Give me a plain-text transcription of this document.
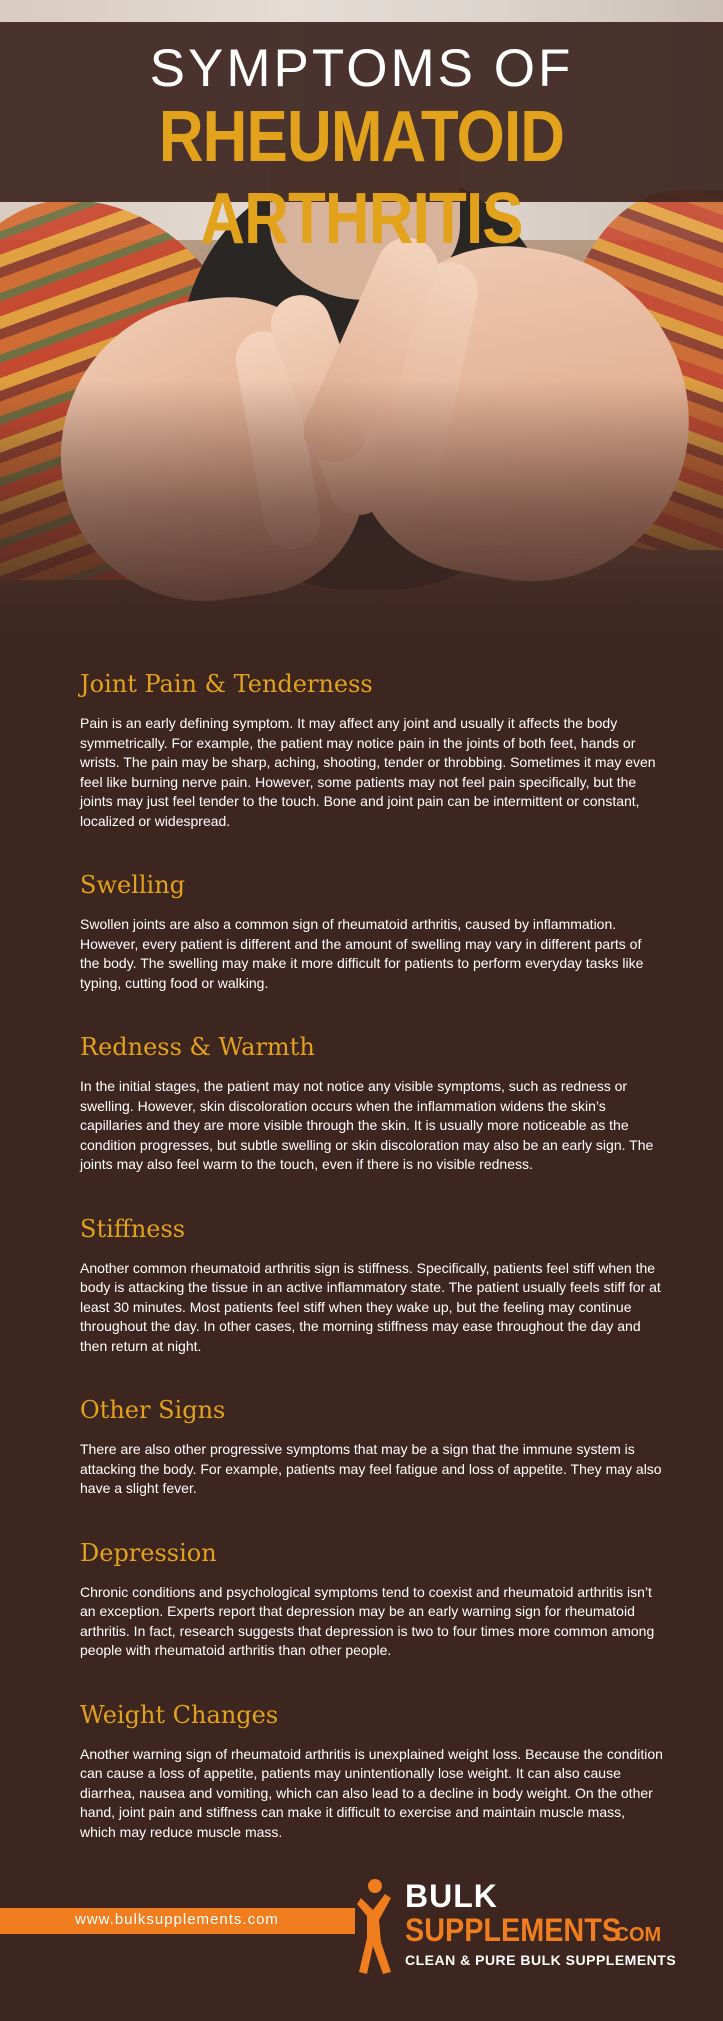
SYMPTOMS OF
RHEUMATOID ARTHRITIS
Joint Pain & Tenderness

Pain is an early defining symptom. It may affect any joint and usually it affects the body symmetrically. For example, the patient may notice pain in the joints of both feet, hands or wrists. The pain may be sharp, aching, shooting, tender or throbbing. Sometimes it may even feel like burning nerve pain. However, some patients may not feel pain specifically, but the joints may just feel tender to the touch. Bone and joint pain can be intermittent or constant, localized or widespread.

Swelling

Swollen joints are also a common sign of rheumatoid arthritis, caused by inflammation. However, every patient is different and the amount of swelling may vary in different parts of the body. The swelling may make it more difficult for patients to perform everyday tasks like typing, cutting food or walking.

Redness & Warmth

In the initial stages, the patient may not notice any visible symptoms, such as redness or swelling. However, skin discoloration occurs when the inflammation widens the skin’s capillaries and they are more visible through the skin. It is usually more noticeable as the condition progresses, but subtle swelling or skin discoloration may also be an early sign. The joints may also feel warm to the touch, even if there is no visible redness.

Stiffness

Another common rheumatoid arthritis sign is stiffness. Specifically, patients feel stiff when the body is attacking the tissue in an active inflammatory state. The patient usually feels stiff for at least 30 minutes. Most patients feel stiff when they wake up, but the feeling may continue throughout the day. In other cases, the morning stiffness may ease throughout the day and then return at night.

Other Signs

There are also other progressive symptoms that may be a sign that the immune system is attacking the body. For example, patients may feel fatigue and loss of appetite. They may also have a slight fever.

Depression

Chronic conditions and psychological symptoms tend to coexist and rheumatoid arthritis isn’t an exception. Experts report that depression may be an early warning sign for rheumatoid arthritis. In fact, research suggests that depression is two to four times more common among people with rheumatoid arthritis than other people.

Weight Changes

Another warning sign of rheumatoid arthritis is unexplained weight loss. Because the condition can cause a loss of appetite, patients may unintentionally lose weight. It can also cause diarrhea, nausea and vomiting, which can also lead to a decline in body weight. On the other hand, joint pain and stiffness can make it difficult to exercise and maintain muscle mass, which may reduce muscle mass.

www.bulksupplements.com
BULK
SUPPLEMENTS
.COM
CLEAN & PURE BULK SUPPLEMENTS
